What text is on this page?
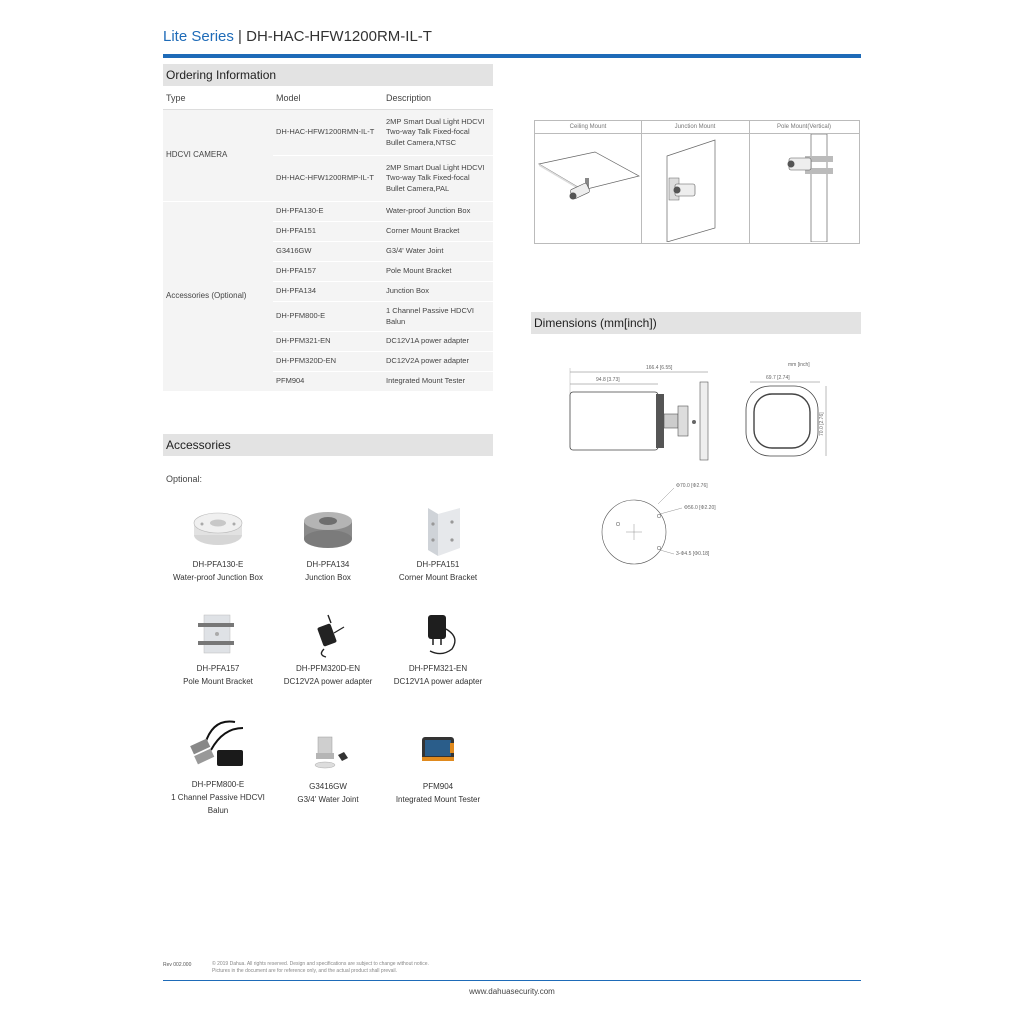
Lite Series | DH-HAC-HFW1200RM-IL-T
Ordering Information
Type	Model	Description
HDCVI CAMERA	DH-HAC-HFW1200RMN-IL-T	2MP Smart Dual Light HDCVI Two-way Talk Fixed-focal Bullet Camera,NTSC
	DH-HAC-HFW1200RMP-IL-T	2MP Smart Dual Light HDCVI Two-way Talk Fixed-focal Bullet Camera,PAL
Accessories (Optional)	DH-PFA130-E	Water-proof Junction Box
	DH-PFA151	Corner Mount Bracket
	G3416GW	G3/4' Water Joint
	DH-PFA157	Pole Mount Bracket
	DH-PFA134	Junction Box
	DH-PFM800-E	1 Channel Passive HDCVI Balun
	DH-PFM321-EN	DC12V1A power adapter
	DH-PFM320D-EN	DC12V2A power adapter
	PFM904	Integrated Mount Tester
Accessories
Optional:
DH-PFA130-E
Water-proof Junction Box
DH-PFA134
Junction Box
DH-PFA151
Corner Mount Bracket
DH-PFA157
Pole Mount Bracket
DH-PFM320D-EN
DC12V2A power adapter
DH-PFM321-EN
DC12V1A power adapter
DH-PFM800-E
1 Channel Passive HDCVI Balun
G3416GW
G3/4' Water Joint
PFM904
Integrated Mount Tester
Ceiling Mount	Junction Mount	Pole Mount(Vertical)
Dimensions (mm[inch])
166.4 [6.55]
94.8 [3.73]
mm [inch]
69.7 [2.74]
70.0 [2.76]
Φ70.0 [Φ2.76]
Φ56.0 [Φ2.20]
3-Φ4.5 [Φ0.18]
Rev 002.000	© 2019 Dahua. All rights reserved. Design and specifications are subject to change without notice.
Pictures in the document are for reference only, and the actual product shall prevail.
www.dahuasecurity.com
